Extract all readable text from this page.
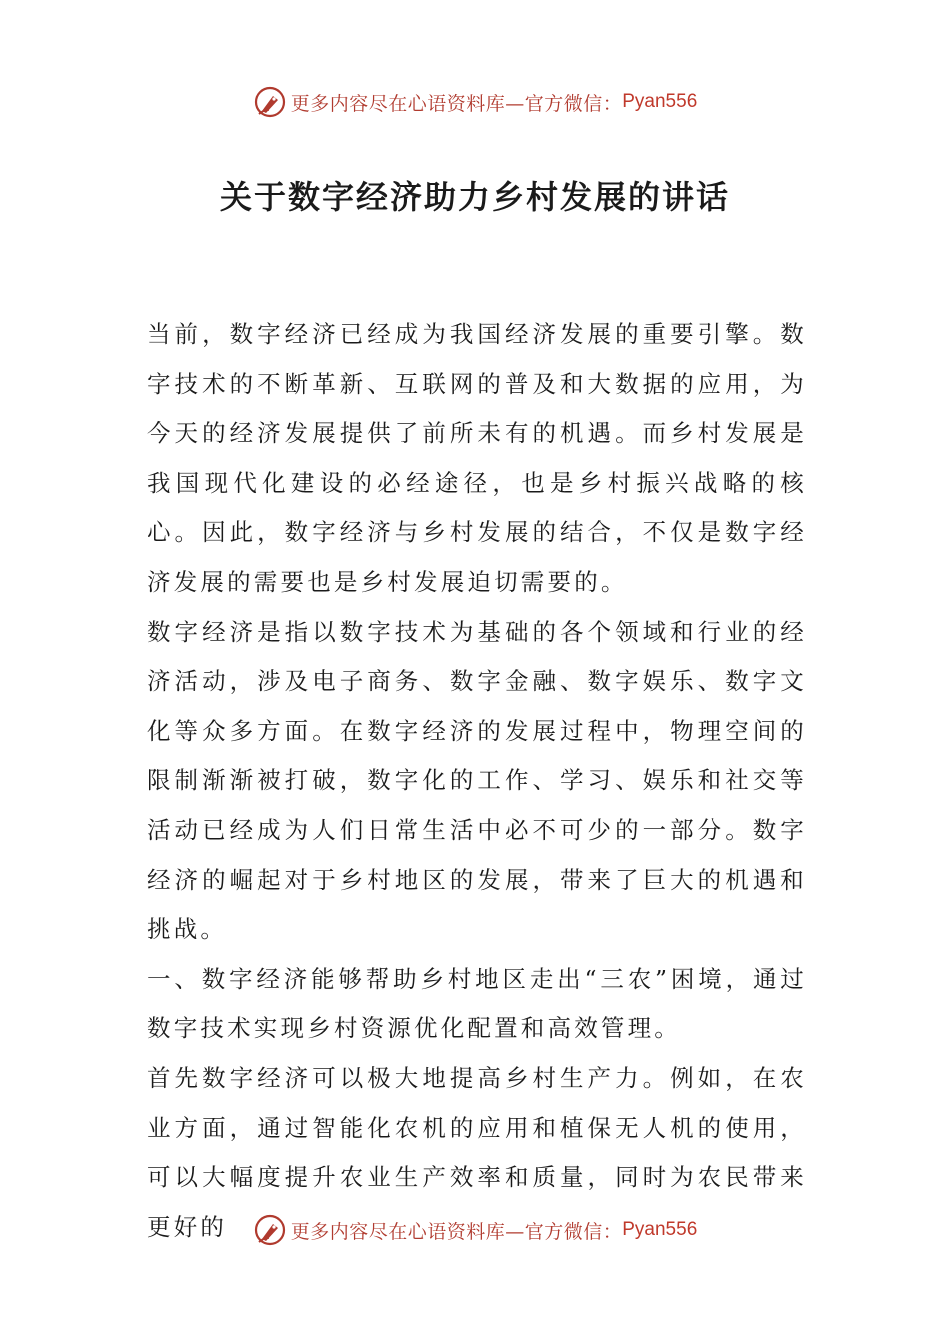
更多内容尽在心语资料库—官方微信： Pyan556
关于数字经济助力乡村发展的讲话

当前，数字经济已经成为我国经济发展的重要引擎。数字技术的不断革新、互联网的普及和大数据的应用，为今天的经济发展提供了前所未有的机遇。而乡村发展是我国现代化建设的必经途径，也是乡村振兴战略的核心。因此，数字经济与乡村发展的结合，不仅是数字经济发展的需要也是乡村发展迫切需要的。

数字经济是指以数字技术为基础的各个领域和行业的经济活动，涉及电子商务、数字金融、数字娱乐、数字文化等众多方面。在数字经济的发展过程中，物理空间的限制渐渐被打破，数字化的工作、学习、娱乐和社交等活动已经成为人们日常生活中必不可少的一部分。数字经济的崛起对于乡村地区的发展，带来了巨大的机遇和挑战。

一、数字经济能够帮助乡村地区走出“三农”困境，通过数字技术实现乡村资源优化配置和高效管理。

首先数字经济可以极大地提高乡村生产力。例如，在农业方面，通过智能化农机的应用和植保无人机的使用，可以大幅度提升农业生产效率和质量，同时为农民带来更好的	更多内容尽在心语资料库—官方微信： Pyan556
